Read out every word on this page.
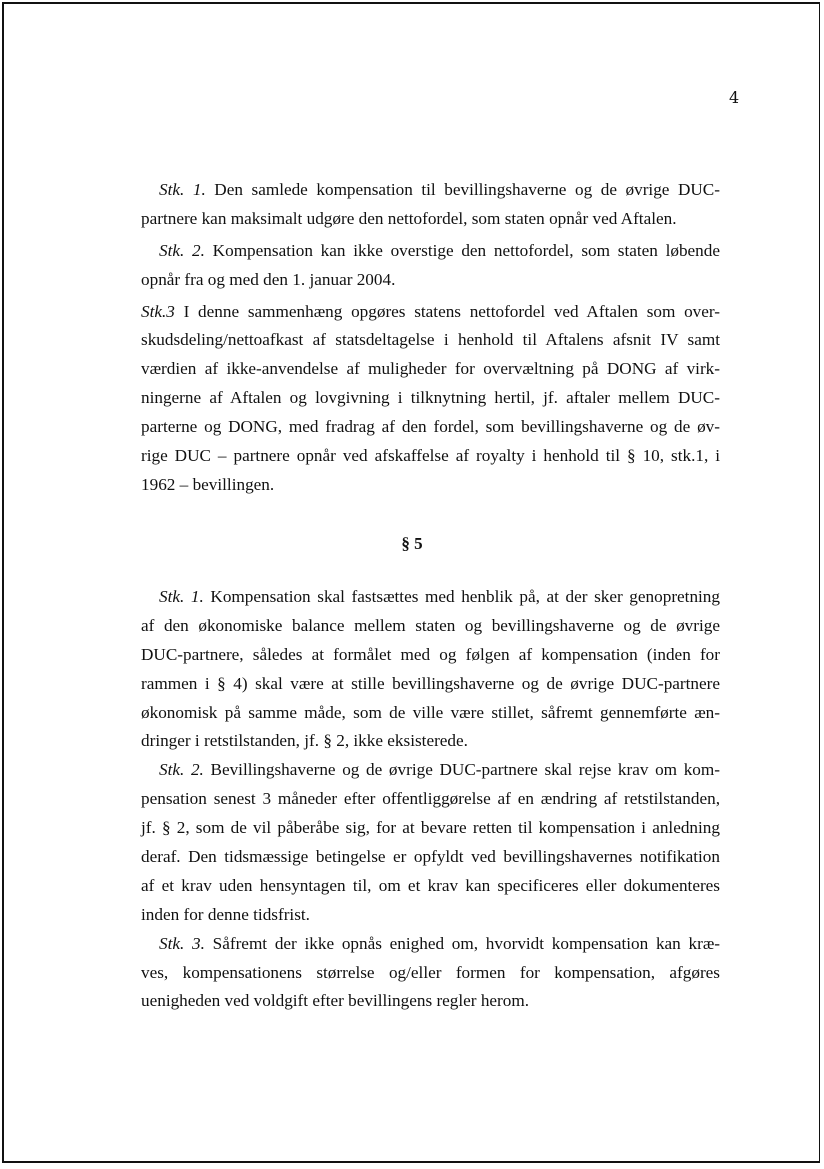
4
Stk. 1. Den samlede kompensation til bevillingshaverne og de øvrige DUC-
partnere kan maksimalt udgøre den nettofordel, som staten opnår ved Aftalen.
Stk. 2. Kompensation kan ikke overstige den nettofordel, som staten løbende
opnår fra og med den 1. januar 2004.
Stk.3 I denne sammenhæng opgøres statens nettofordel ved Aftalen som over-
skudsdeling/nettoafkast af statsdeltagelse i henhold til Aftalens afsnit IV samt
værdien af ikke-anvendelse af muligheder for overvæltning på DONG af virk-
ningerne af Aftalen og lovgivning i tilknytning hertil, jf. aftaler mellem DUC-
parterne og DONG, med fradrag af den fordel, som bevillingshaverne og de øv-
rige DUC – partnere opnår ved afskaffelse af royalty i henhold til § 10, stk.1, i
1962 – bevillingen.
§ 5
Stk. 1. Kompensation skal fastsættes med henblik på, at der sker genopretning
af den økonomiske balance mellem staten og bevillingshaverne og de øvrige
DUC-partnere, således at formålet med og følgen af kompensation (inden for
rammen i § 4) skal være at stille bevillingshaverne og de øvrige DUC-partnere
økonomisk på samme måde, som de ville være stillet, såfremt gennemførte æn-
dringer i retstilstanden, jf. § 2, ikke eksisterede.
Stk. 2. Bevillingshaverne og de øvrige DUC-partnere skal rejse krav om kom-
pensation senest 3 måneder efter offentliggørelse af en ændring af retstilstanden,
jf. § 2, som de vil påberåbe sig, for at bevare retten til kompensation i anledning
deraf. Den tidsmæssige betingelse er opfyldt ved bevillingshavernes notifikation
af et krav uden hensyntagen til, om et krav kan specificeres eller dokumenteres
inden for denne tidsfrist.
Stk. 3. Såfremt der ikke opnås enighed om, hvorvidt kompensation kan kræ-
ves, kompensationens størrelse og/eller formen for kompensation, afgøres
uenigheden ved voldgift efter bevillingens regler herom.
